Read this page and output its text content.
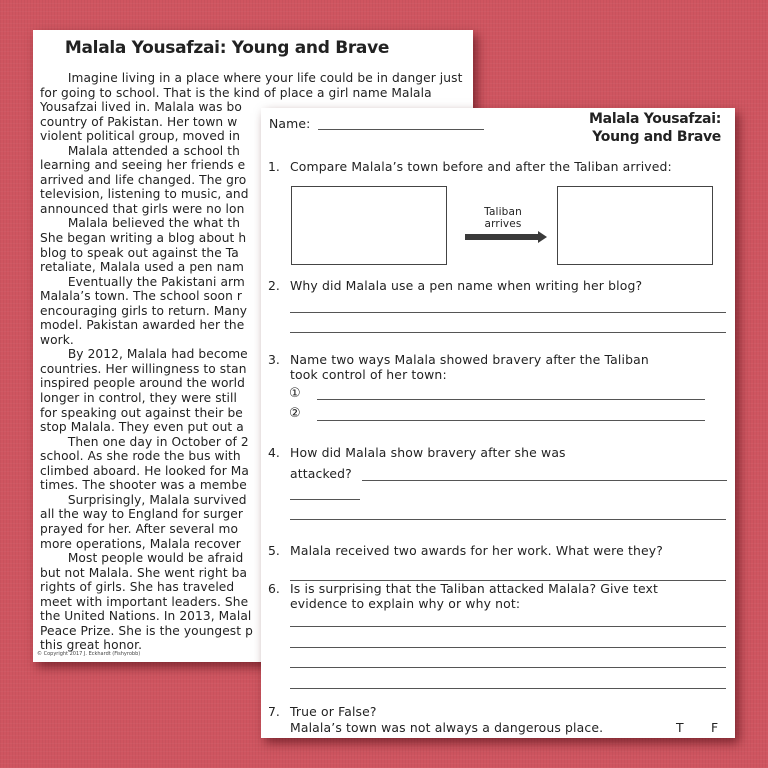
Malala Yousafzai: Young and Brave
Imagine living in a place where your life could be in danger just
for going to school. That is the kind of place a girl name Malala
Yousafzai lived in. Malala was bo
country of Pakistan. Her town w
violent political group, moved in
Malala attended a school th
learning and seeing her friends e
arrived and life changed. The gro
television, listening to music, and
announced that girls were no lon
Malala believed the what th
She began writing a blog about h
blog to speak out against the Ta
retaliate, Malala used a pen nam
Eventually the Pakistani arm
Malala’s town. The school soon r
encouraging girls to return. Many
model. Pakistan awarded her the
work.
By 2012, Malala had become
countries. Her willingness to stan
inspired people around the world
longer in control, they were still
for speaking out against their be
stop Malala. They even put out a
Then one day in October of 2
school. As she rode the bus with
climbed aboard. He looked for Ma
times. The shooter was a membe
Surprisingly, Malala survived
all the way to England for surger
prayed for her. After several mo
more operations, Malala recover
Most people would be afraid
but not Malala. She went right ba
rights of girls. She has traveled
meet with important leaders. She
the United Nations. In 2013, Malal
Peace Prize. She is the youngest p
this great honor.
© Copyright 2017 J. Eckhardt (Fishyrobb)
Name:	Malala Yousafzai:
Young and Brave
1. Compare Malala’s town before and after the Taliban arrived:
Taliban
arrives
2. Why did Malala use a pen name when writing her blog?
3. Name two ways Malala showed bravery after the Taliban
took control of her town:
①
②
4. How did Malala show bravery after she was
attacked?
5. Malala received two awards for her work. What were they?
6. Is is surprising that the Taliban attacked Malala? Give text
evidence to explain why or why not:
7. True or False?
Malala’s town was not always a dangerous place.	T F
